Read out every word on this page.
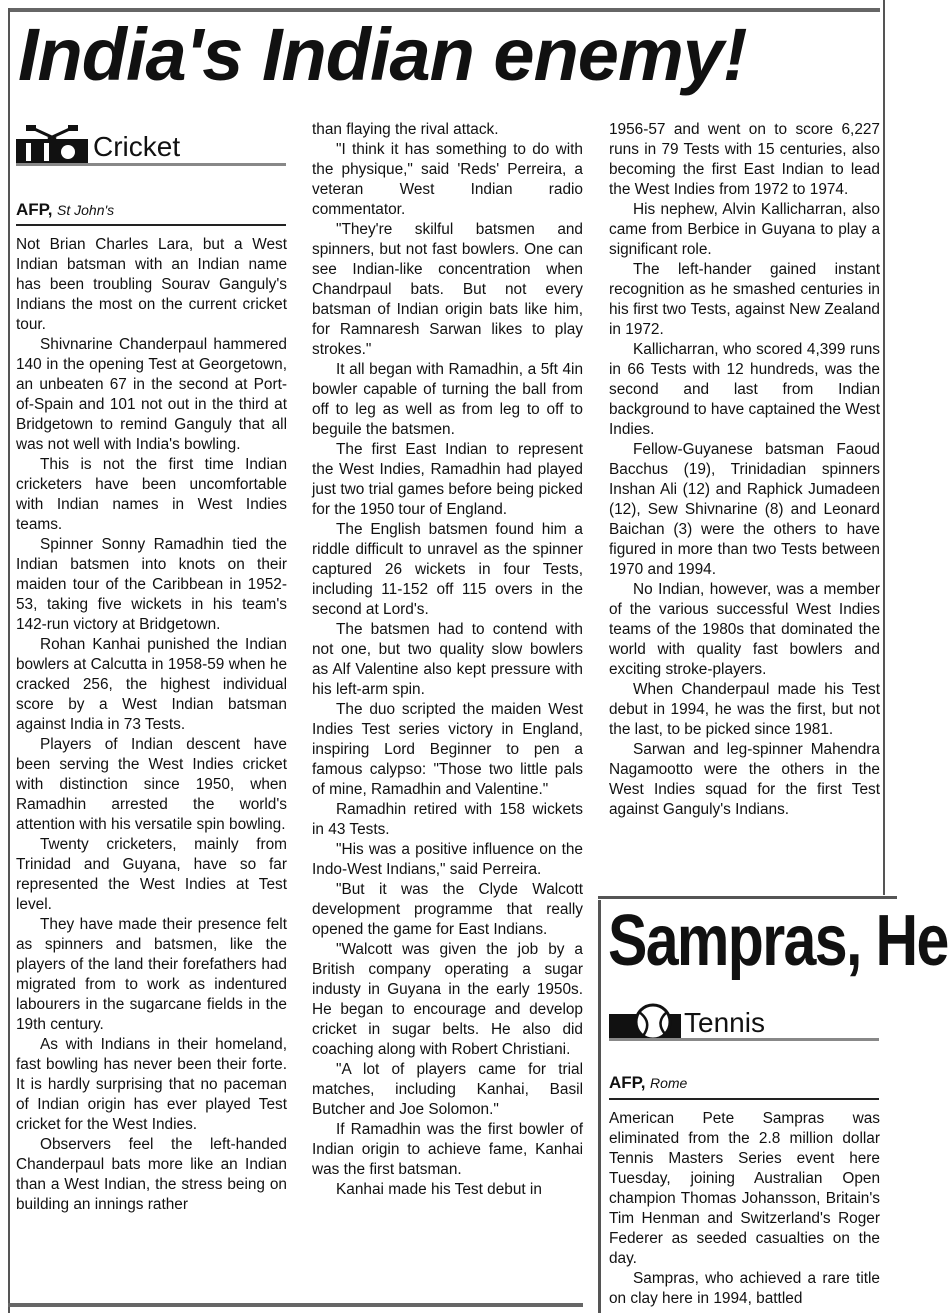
India's Indian enemy!
Cricket
AFP, St John's

Not Brian Charles Lara, but a West Indian batsman with an Indian name has been troubling Sourav Ganguly's Indians the most on the current cricket tour.

Shivnarine Chanderpaul hammered 140 in the opening Test at Georgetown, an unbeaten 67 in the second at Port-of-Spain and 101 not out in the third at Bridgetown to remind Ganguly that all was not well with India's bowling.

This is not the first time Indian cricketers have been uncomfortable with Indian names in West Indies teams.

Spinner Sonny Ramadhin tied the Indian batsmen into knots on their maiden tour of the Caribbean in 1952-53, taking five wickets in his team's 142-run victory at Bridgetown.

Rohan Kanhai punished the Indian bowlers at Calcutta in 1958-59 when he cracked 256, the highest individual score by a West Indian batsman against India in 73 Tests.

Players of Indian descent have been serving the West Indies cricket with distinction since 1950, when Ramadhin arrested the world's attention with his versatile spin bowling.

Twenty cricketers, mainly from Trinidad and Guyana, have so far represented the West Indies at Test level.

They have made their presence felt as spinners and batsmen, like the players of the land their forefathers had migrated from to work as indentured labourers in the sugarcane fields in the 19th century.

As with Indians in their homeland, fast bowling has never been their forte. It is hardly surprising that no paceman of Indian origin has ever played Test cricket for the West Indies.

Observers feel the left-handed Chanderpaul bats more like an Indian than a West Indian, the stress being on building an innings rather

than flaying the rival attack.

"I think it has something to do with the physique," said 'Reds' Perreira, a veteran West Indian radio commentator.

"They're skilful batsmen and spinners, but not fast bowlers. One can see Indian-like concentration when Chandrpaul bats. But not every batsman of Indian origin bats like him, for Ramnaresh Sarwan likes to play strokes."

It all began with Ramadhin, a 5ft 4in bowler capable of turning the ball from off to leg as well as from leg to off to beguile the batsmen.

The first East Indian to represent the West Indies, Ramadhin had played just two trial games before being picked for the 1950 tour of England.

The English batsmen found him a riddle difficult to unravel as the spinner captured 26 wickets in four Tests, including 11-152 off 115 overs in the second at Lord's.

The batsmen had to contend with not one, but two quality slow bowlers as Alf Valentine also kept pressure with his left-arm spin.

The duo scripted the maiden West Indies Test series victory in England, inspiring Lord Beginner to pen a famous calypso: "Those two little pals of mine, Ramadhin and Valentine."

Ramadhin retired with 158 wickets in 43 Tests.

"His was a positive influence on the Indo-West Indians," said Perreira.

"But it was the Clyde Walcott development programme that really opened the game for East Indians.

"Walcott was given the job by a British company operating a sugar industy in Guyana in the early 1950s. He began to encourage and develop cricket in sugar belts. He also did coaching along with Robert Christiani.

"A lot of players came for trial matches, including Kanhai, Basil Butcher and Joe Solomon."

If Ramadhin was the first bowler of Indian origin to achieve fame, Kanhai was the first batsman.

Kanhai made his Test debut in

1956-57 and went on to score 6,227 runs in 79 Tests with 15 centuries, also becoming the first East Indian to lead the West Indies from 1972 to 1974.

His nephew, Alvin Kallicharran, also came from Berbice in Guyana to play a significant role.

The left-hander gained instant recognition as he smashed centuries in his first two Tests, against New Zealand in 1972.

Kallicharran, who scored 4,399 runs in 66 Tests with 12 hundreds, was the second and last from Indian background to have captained the West Indies.

Fellow-Guyanese batsman Faoud Bacchus (19), Trinidadian spinners Inshan Ali (12) and Raphick Jumadeen (12), Sew Shivnarine (8) and Leonard Baichan (3) were the others to have figured in more than two Tests between 1970 and 1994.

No Indian, however, was a member of the various successful West Indies teams of the 1980s that dominated the world with quality fast bowlers and exciting stroke-players.

When Chanderpaul made his Test debut in 1994, he was the first, but not the last, to be picked since 1981.

Sarwan and leg-spinner Mahendra Nagamootto were the others in the West Indies squad for the first Test against Ganguly's Indians.

Sampras, He
Tennis
AFP, Rome

American Pete Sampras was eliminated from the 2.8 million dollar Tennis Masters Series event here Tuesday, joining Australian Open champion Thomas Johansson, Britain's Tim Henman and Switzerland's Roger Federer as seeded casualties on the day.

Sampras, who achieved a rare title on clay here in 1994, battled
